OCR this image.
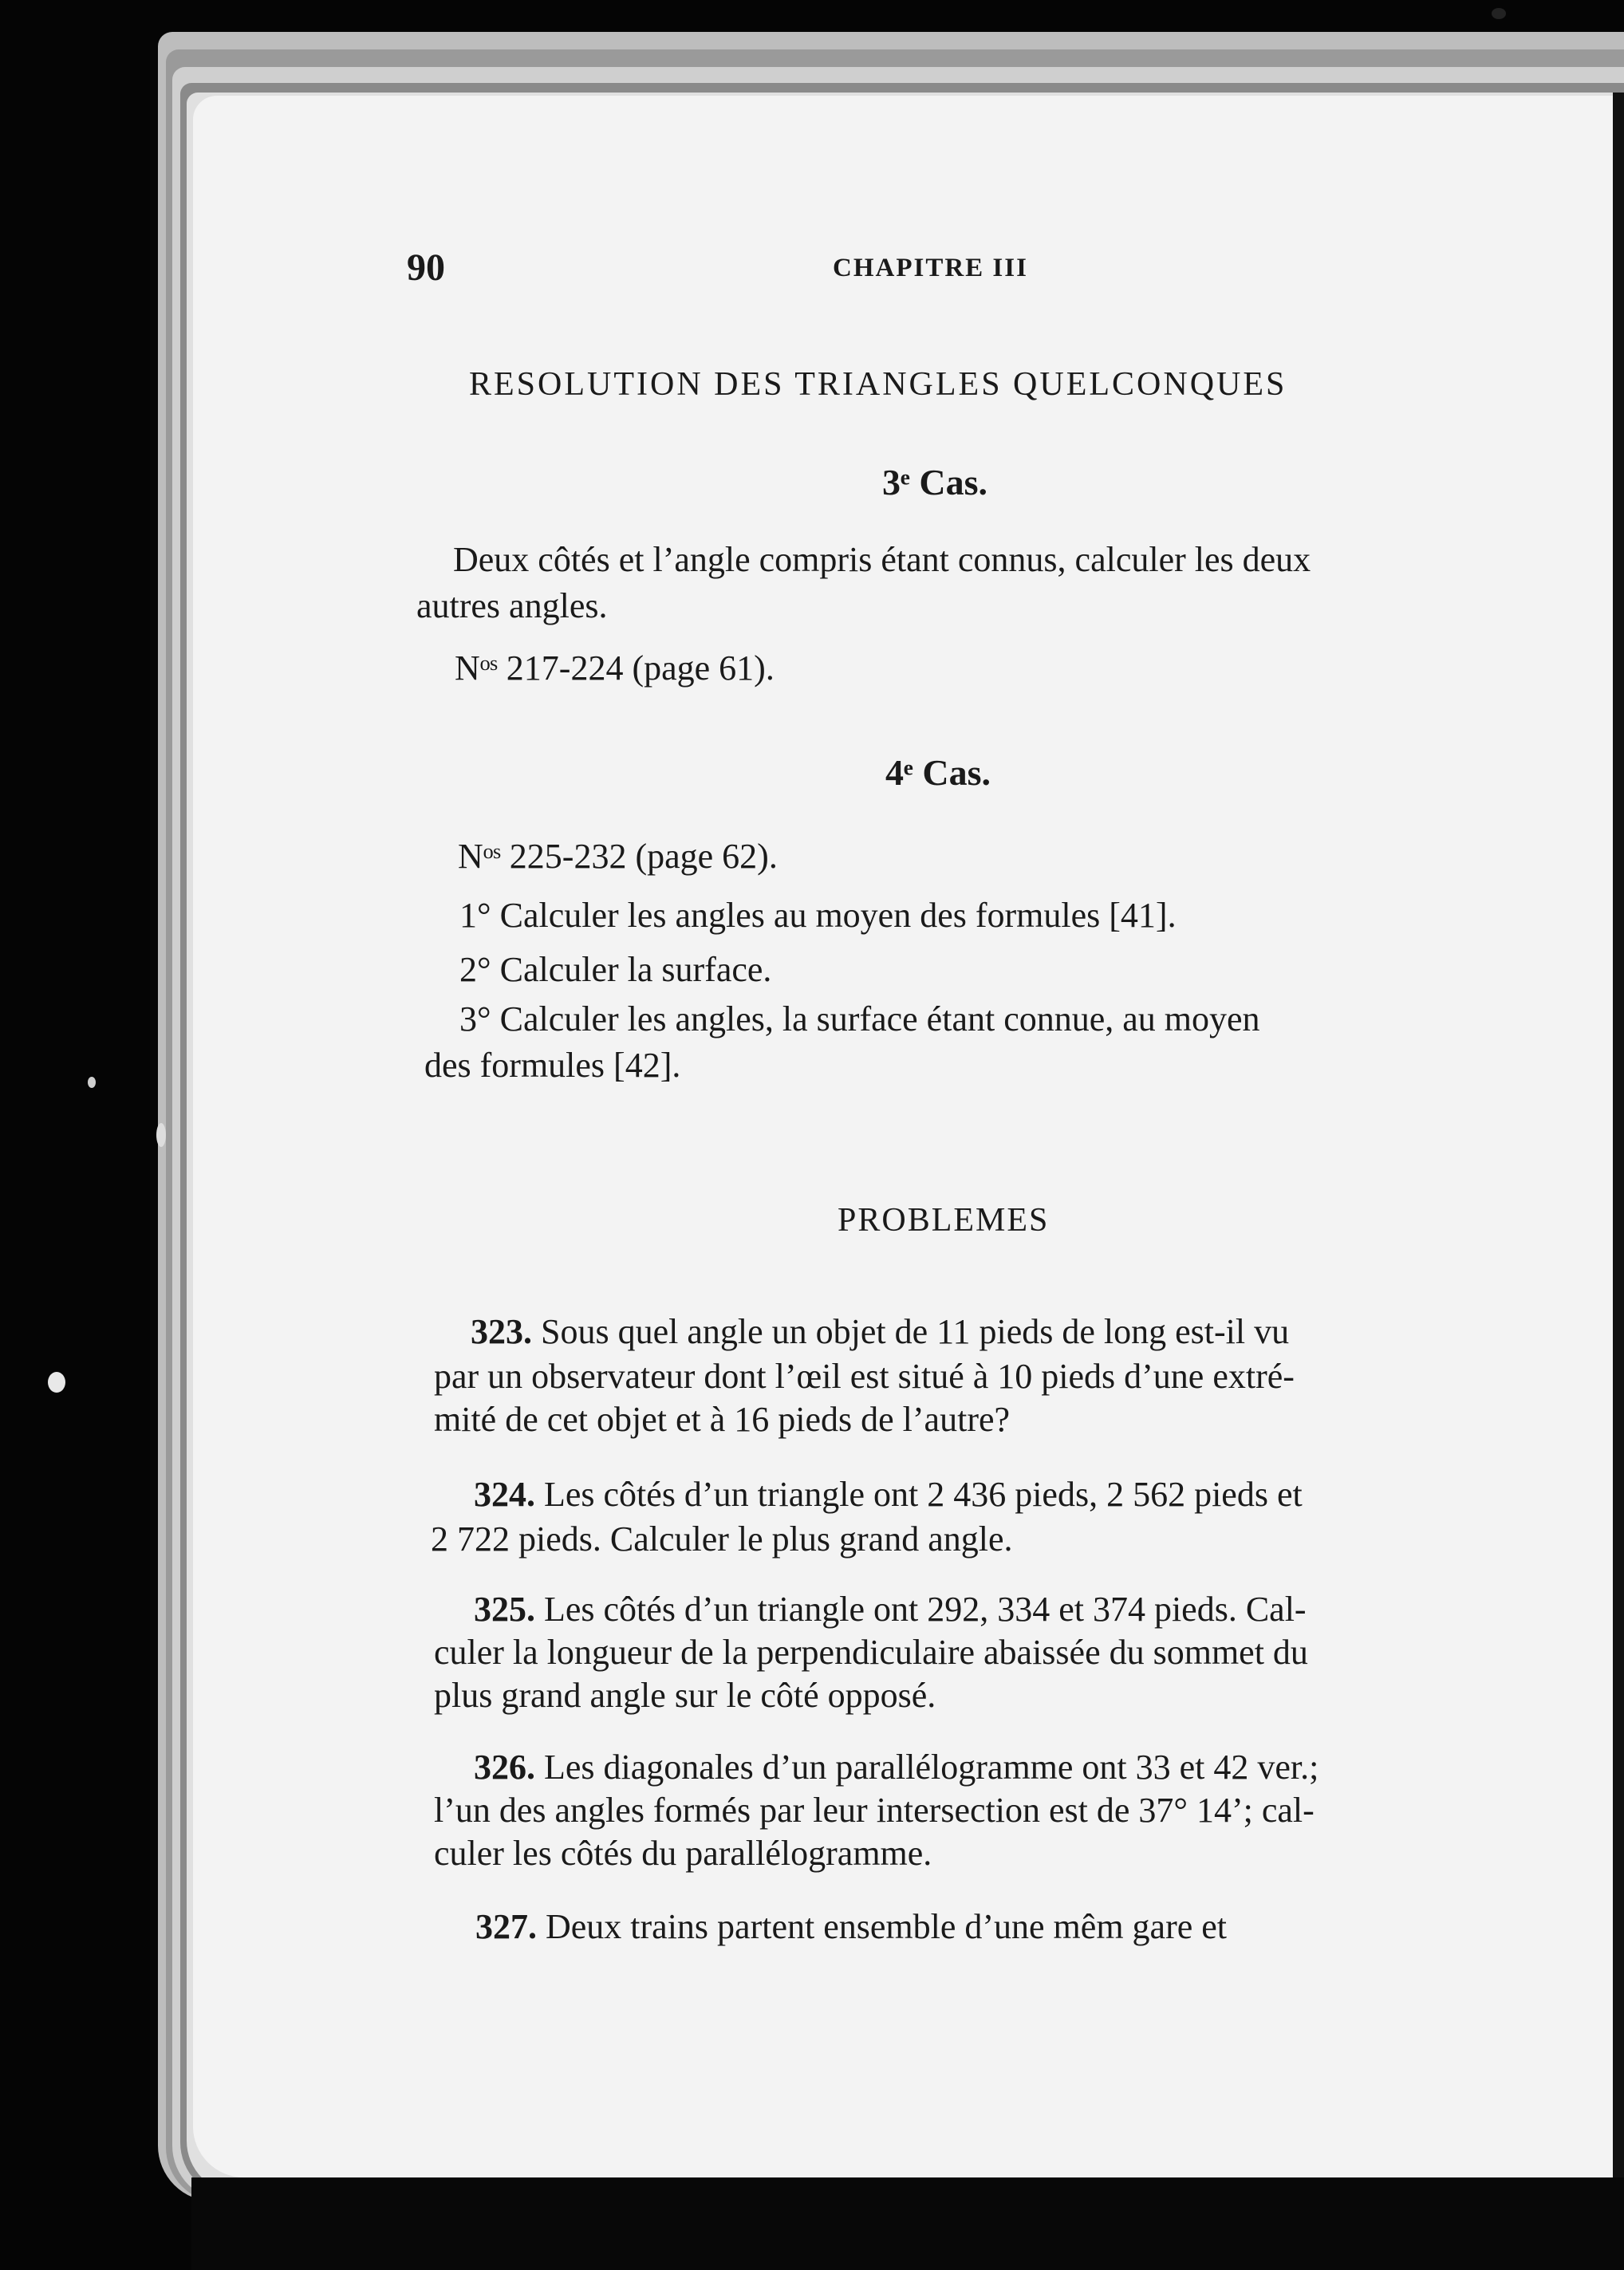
90	CHAPITRE III
RESOLUTION DES TRIANGLES QUELCONQUES
3ᵉ Cas.
Deux côtés et l’angle compris étant connus, calculer les deux
autres angles.
Nᵒˢ 217-224 (page 61).
4ᵉ Cas.
Nᵒˢ 225-232 (page 62).
1° Calculer les angles au moyen des formules [41].
2° Calculer la surface.
3° Calculer les angles, la surface étant connue, au moyen
des formules [42].
PROBLEMES
323. Sous quel angle un objet de 11 pieds de long est-il vu
par un observateur dont l’œil est situé à 10 pieds d’une extré-
mité de cet objet et à 16 pieds de l’autre?
324. Les côtés d’un triangle ont 2 436 pieds, 2 562 pieds et
2 722 pieds. Calculer le plus grand angle.
325. Les côtés d’un triangle ont 292, 334 et 374 pieds. Cal-
culer la longueur de la perpendiculaire abaissée du sommet du
plus grand angle sur le côté opposé.
326. Les diagonales d’un parallélogramme ont 33 et 42 ver.;
l’un des angles formés par leur intersection est de 37° 14’; cal-
culer les côtés du parallélogramme.
327. Deux trains partent ensemble d’une mêm gare et
